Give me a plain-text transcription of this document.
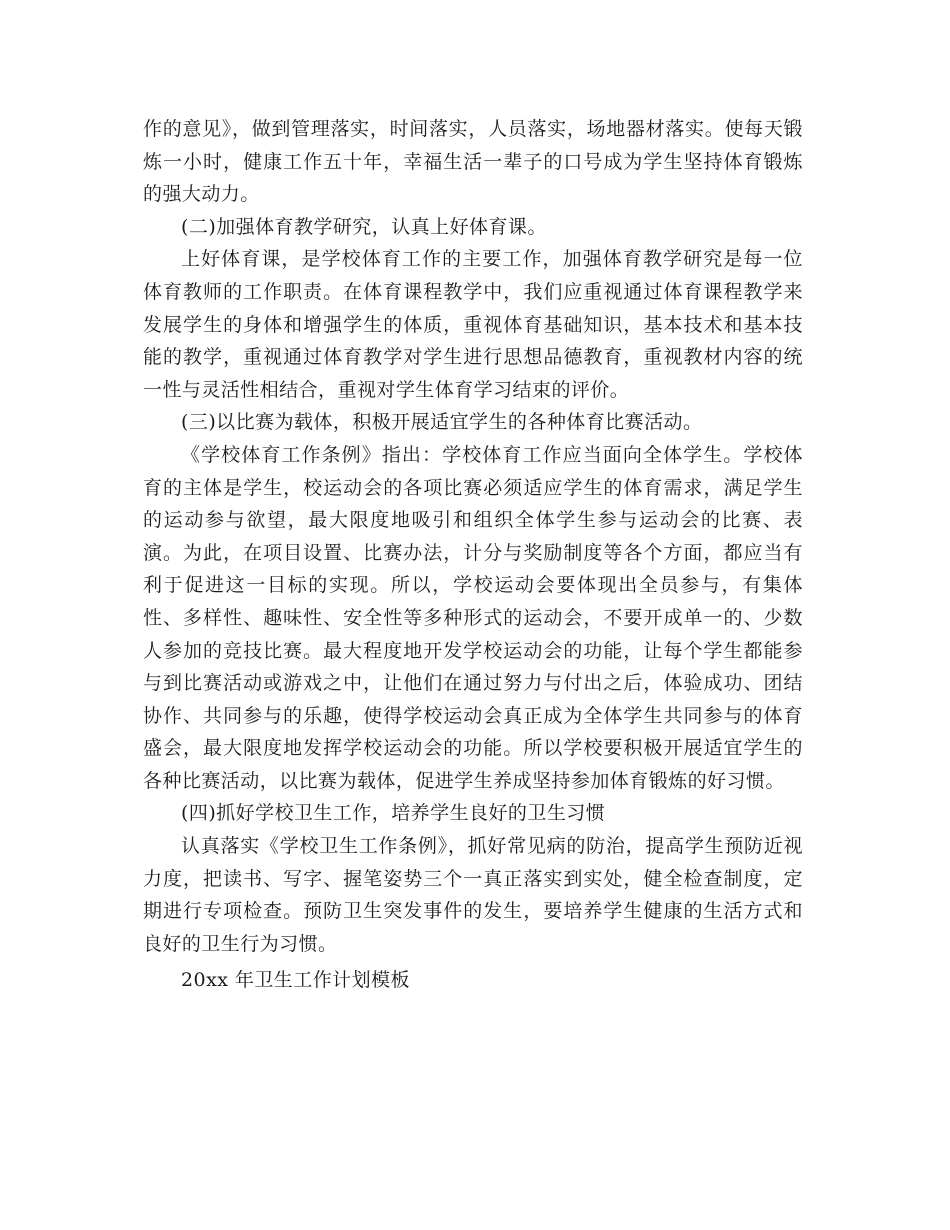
作的意见》，做到管理落实，时间落实，人员落实，场地器材落实。使每天锻炼一小时，健康工作五十年，幸福生活一辈子的口号成为学生坚持体育锻炼的强大动力。

(二)加强体育教学研究，认真上好体育课。

上好体育课，是学校体育工作的主要工作，加强体育教学研究是每一位体育教师的工作职责。在体育课程教学中，我们应重视通过体育课程教学来发展学生的身体和增强学生的体质，重视体育基础知识，基本技术和基本技能的教学，重视通过体育教学对学生进行思想品德教育，重视教材内容的统一性与灵活性相结合，重视对学生体育学习结束的评价。

(三)以比赛为载体，积极开展适宜学生的各种体育比赛活动。

《学校体育工作条例》指出：学校体育工作应当面向全体学生。学校体育的主体是学生，校运动会的各项比赛必须适应学生的体育需求，满足学生的运动参与欲望，最大限度地吸引和组织全体学生参与运动会的比赛、表演。为此，在项目设置、比赛办法，计分与奖励制度等各个方面，都应当有利于促进这一目标的实现。所以，学校运动会要体现出全员参与，有集体性、多样性、趣味性、安全性等多种形式的运动会，不要开成单一的、少数人参加的竞技比赛。最大程度地开发学校运动会的功能，让每个学生都能参与到比赛活动或游戏之中，让他们在通过努力与付出之后，体验成功、团结协作、共同参与的乐趣，使得学校运动会真正成为全体学生共同参与的体育盛会，最大限度地发挥学校运动会的功能。所以学校要积极开展适宜学生的各种比赛活动，以比赛为载体，促进学生养成坚持参加体育锻炼的好习惯。

(四)抓好学校卫生工作，培养学生良好的卫生习惯

认真落实《学校卫生工作条例》，抓好常见病的防治，提高学生预防近视力度，把读书、写字、握笔姿势三个一真正落实到实处，健全检查制度，定期进行专项检查。预防卫生突发事件的发生，要培养学生健康的生活方式和良好的卫生行为习惯。

20xx 年卫生工作计划模板
